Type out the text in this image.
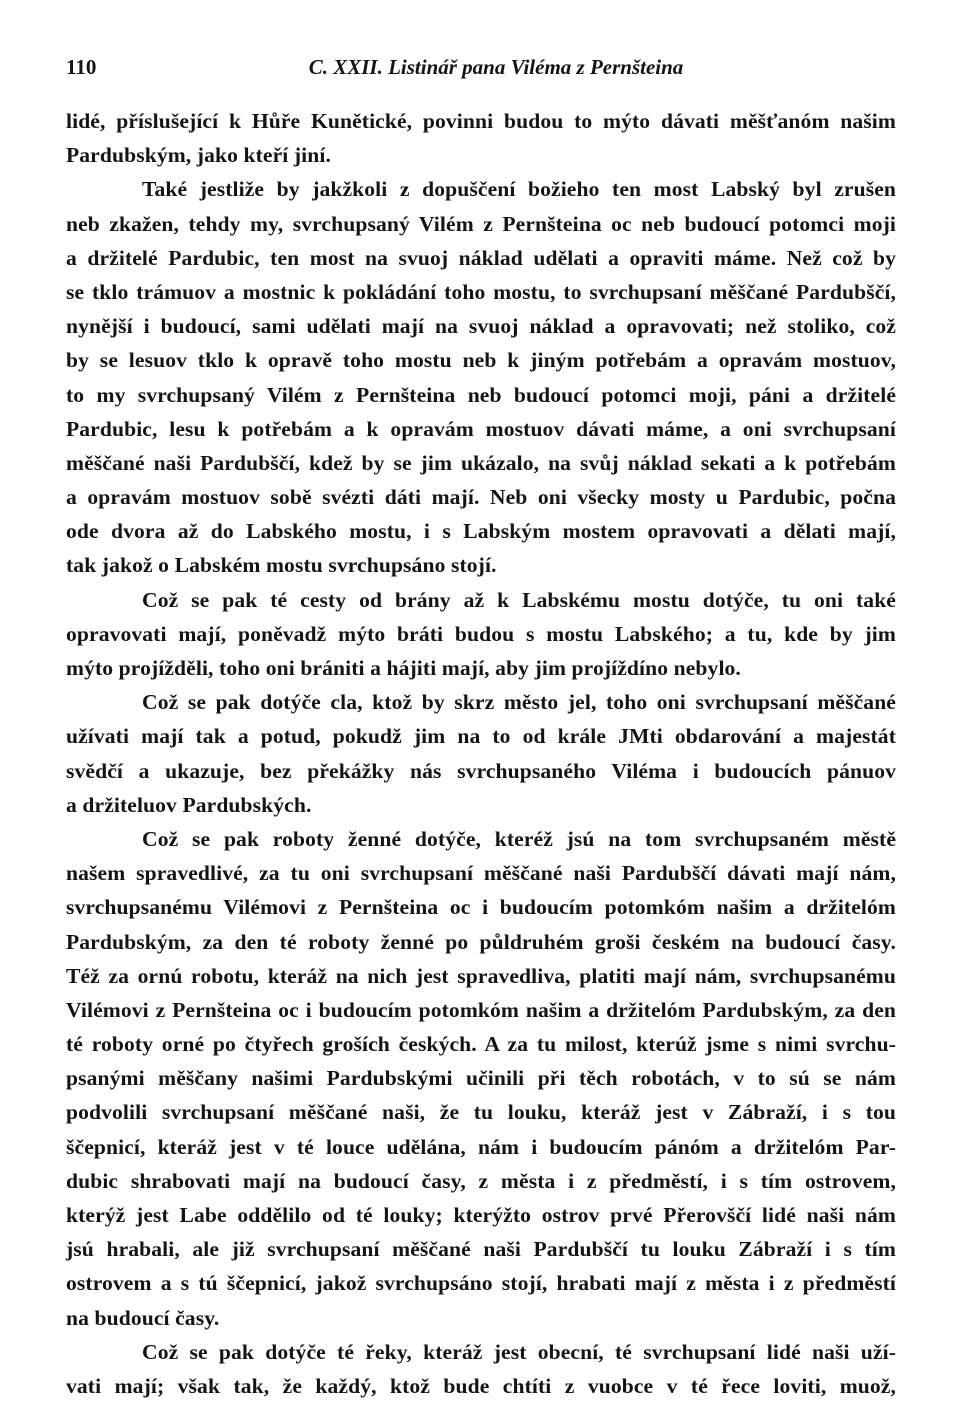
110	C. XXII. Listinář pana Viléma z Pernšteina
lidé, příslušející k Hůře Kunětické, povinni budou to mýto dávati měšťanóm našim
Pardubským, jako kteří jiní.
Také jestliže by jakžkoli z dopuščení božieho ten most Labský byl zrušen
neb zkažen, tehdy my, svrchupsaný Vilém z Pernšteina oc neb budoucí potomci moji
a držitelé Pardubic, ten most na svuoj náklad udělati a opraviti máme. Než což by
se tklo trámuov a mostnic k pokládání toho mostu, to svrchupsaní měščané Pardubščí,
nynější i budoucí, sami udělati mají na svuoj náklad a opravovati; než stoliko, což
by se lesuov tklo k opravě toho mostu neb k jiným potřebám a opravám mostuov,
to my svrchupsaný Vilém z Pernšteina neb budoucí potomci moji, páni a držitelé
Pardubic, lesu k potřebám a k opravám mostuov dávati máme, a oni svrchupsaní
měščané naši Pardubščí, kdež by se jim ukázalo, na svůj náklad sekati a k potřebám
a opravám mostuov sobě svézti dáti mají. Neb oni všecky mosty u Pardubic, počna
ode dvora až do Labského mostu, i s Labským mostem opravovati a dělati mají,
tak jakož o Labském mostu svrchupsáno stojí.
Což se pak té cesty od brány až k Labskému mostu dotýče, tu oni také
opravovati mají, poněvadž mýto bráti budou s mostu Labského; a tu, kde by jim
mýto projížděli, toho oni brániti a hájiti mají, aby jim projíždíno nebylo.
Což se pak dotýče cla, ktož by skrz město jel, toho oni svrchupsaní měščané
užívati mají tak a potud, pokudž jim na to od krále JMti obdarování a majestát
svědčí a ukazuje, bez překážky nás svrchupsaného Viléma i budoucích pánuov
a držiteluov Pardubských.
Což se pak roboty ženné dotýče, kteréž jsú na tom svrchupsaném městě
našem spravedlivé, za tu oni svrchupsaní měščané naši Pardubščí dávati mají nám,
svrchupsanému Vilémovi z Pernšteina oc i budoucím potomkóm našim a držitelóm
Pardubským, za den té roboty ženné po půldruhém groši českém na budoucí časy.
Též za ornú robotu, kteráž na nich jest spravedliva, platiti mají nám, svrchupsanému
Vilémovi z Pernšteina oc i budoucím potomkóm našim a držitelóm Pardubským, za den
té roboty orné po čtyřech groších českých. A za tu milost, kterúž jsme s nimi svrchu-
psanými měščany našimi Pardubskými učinili při těch robotách, v to sú se nám
podvolili svrchupsaní měščané naši, že tu louku, kteráž jest v Zábraží, i s tou
ščepnicí, kteráž jest v té louce udělána, nám i budoucím pánóm a držitelóm Par-
dubic shrabovati mají na budoucí časy, z města i z předměstí, i s tím ostrovem,
kterýž jest Labe oddělilo od té louky; kterýžto ostrov prvé Přerovščí lidé naši nám
jsú hrabali, ale již svrchupsaní měščané naši Pardubščí tu louku Zábraží i s tím
ostrovem a s tú ščepnicí, jakož svrchupsáno stojí, hrabati mají z města i z předměstí
na budoucí časy.
Což se pak dotýče té řeky, kteráž jest obecní, té svrchupsaní lidé naši uží-
vati mají; však tak, že každý, ktož bude chtíti z vuobce v té řece loviti, muož,
